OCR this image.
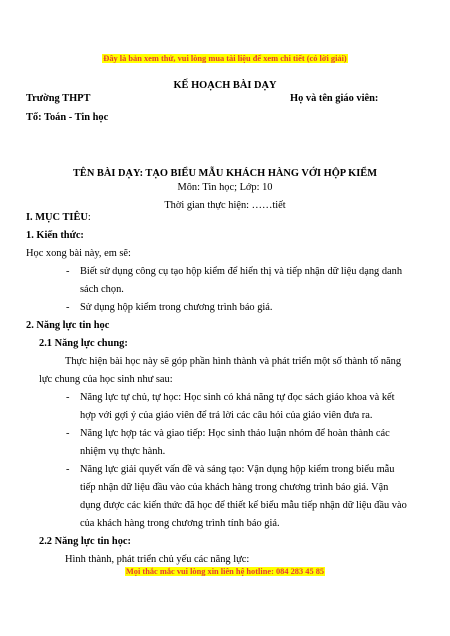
Đây là bản xem thử, vui lòng mua tài liệu để xem chi tiết (có lời giải)
KẾ HOẠCH BÀI DẠY
Trường THPT	Họ và tên giáo viên:
Tổ: Toán - Tin học
TÊN BÀI DẠY: TẠO BIỂU MẪU KHÁCH HÀNG VỚI HỘP KIỂM
Môn: Tin học; Lớp: 10
Thời gian thực hiện: ……tiết
I. MỤC TIÊU:
1. Kiến thức:
Học xong bài này, em sẽ:
- Biết sử dụng công cụ tạo hộp kiểm để hiển thị và tiếp nhận dữ liệu dạng danh
sách chọn.
- Sử dụng hộp kiểm trong chương trình báo giá.
2. Năng lực tin học
2.1 Năng lực chung:
Thực hiện bài học này sẽ góp phần hình thành và phát triển một số thành tố năng
lực chung của học sinh như sau:
- Năng lực tự chủ, tự học: Học sinh có khả năng tự đọc sách giáo khoa và kết
hợp với gợi ý của giáo viên để trả lời các câu hỏi của giáo viên đưa ra.
- Năng lực hợp tác và giao tiếp: Học sinh thảo luận nhóm để hoàn thành các
nhiệm vụ thực hành.
- Năng lực giải quyết vấn đề và sáng tạo: Vận dụng hộp kiểm trong biểu mẫu
tiếp nhận dữ liệu đầu vào của khách hàng trong chương trình báo giá. Vận
dụng được các kiến thức đã học để thiết kế biểu mẫu tiếp nhận dữ liệu đầu vào
của khách hàng trong chương trình tính báo giá.
2.2 Năng lực tin học:
Hình thành, phát triển chủ yếu các năng lực:
Mọi thắc mắc vui lòng xin liên hệ hotline: 084 283 45 85
